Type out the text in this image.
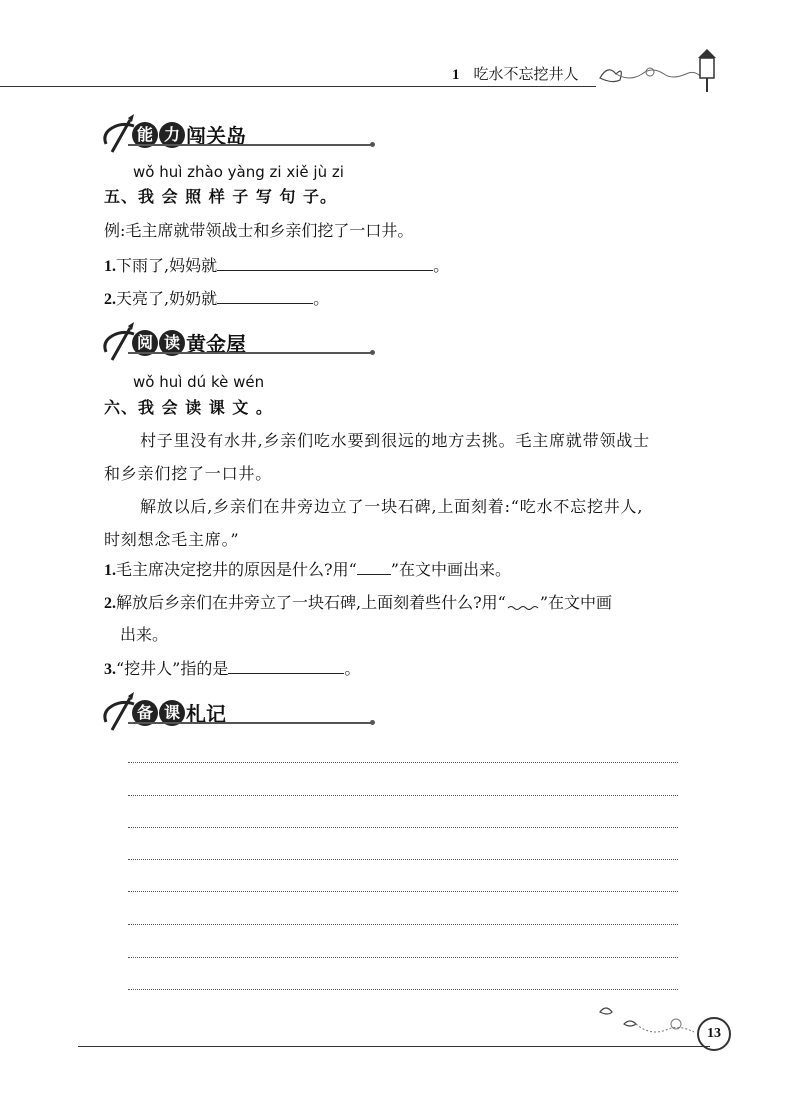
1 吃水不忘挖井人
能 力 闯关岛
wǒ huì zhào yàng zi xiě jù zi
五、我 会 照 样 子 写 句 子。
例:毛主席就带领战士和乡亲们挖了一口井。
1.下雨了,妈妈就	。
2.天亮了,奶奶就	。
阅 读 黄金屋
wǒ huì dú kè wén
六、我 会 读 课 文 。
村子里没有水井,乡亲们吃水要到很远的地方去挑。毛主席就带领战士
和乡亲们挖了一口井。
解放以后,乡亲们在井旁边立了一块石碑,上面刻着:“吃水不忘挖井人,
时刻想念毛主席。”
1.毛主席决定挖井的原因是什么?用“ ”在文中画出来。
2.解放后乡亲们在井旁立了一块石碑,上面刻着些什么?用“ ”在文中画
出来。
3.“挖井人”指的是	。
备 课 札记
13
